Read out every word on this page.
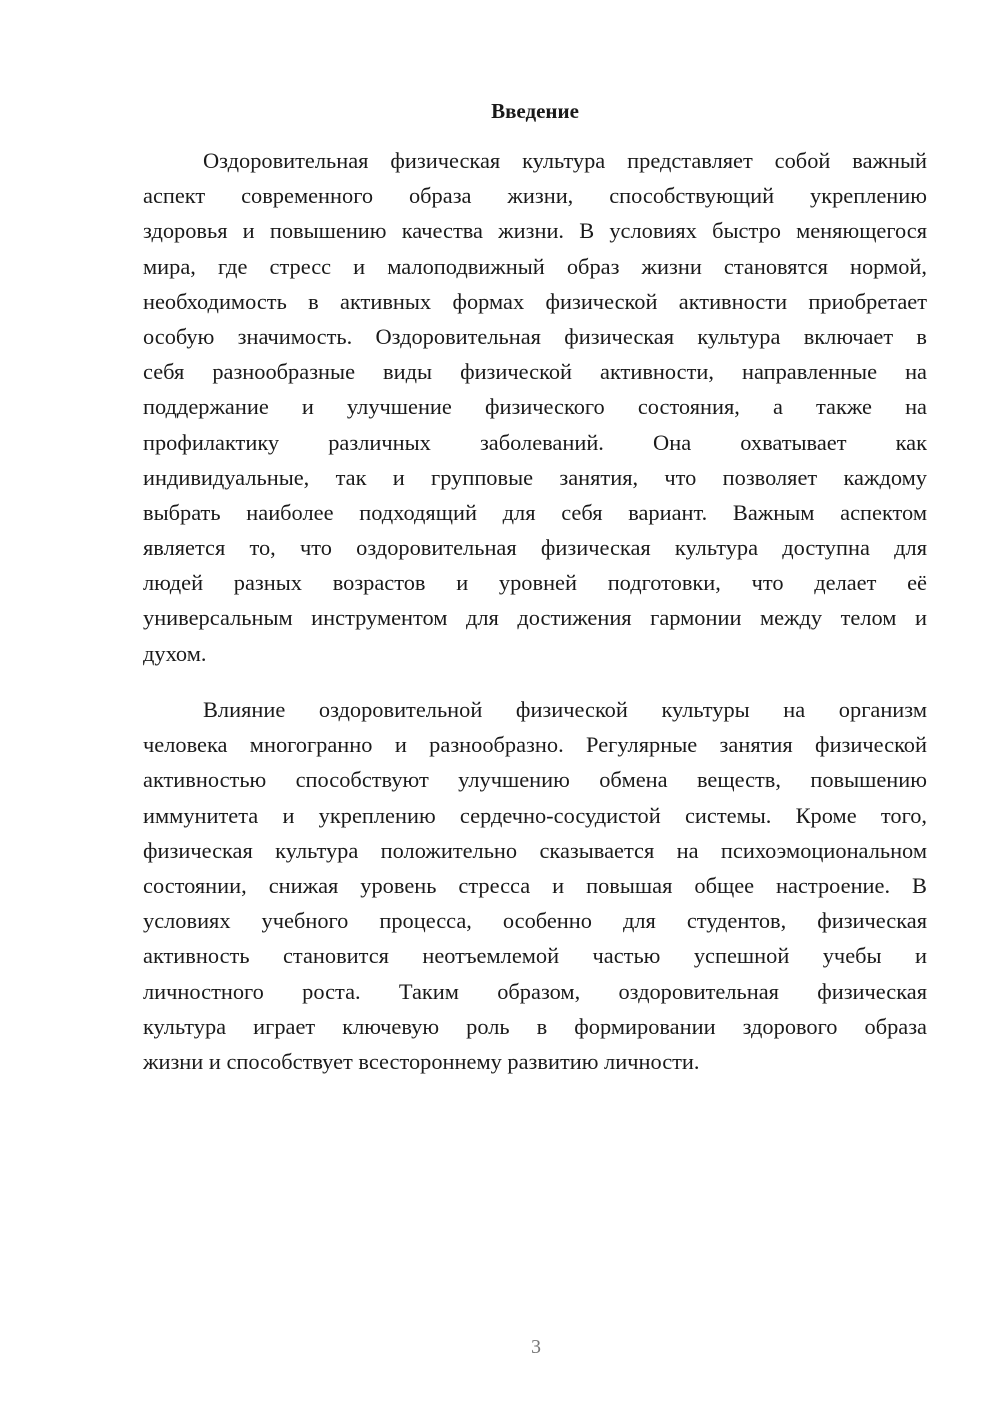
Введение
Оздоровительная физическая культура представляет собой важный
аспект современного образа жизни, способствующий укреплению
здоровья и повышению качества жизни. В условиях быстро меняющегося
мира, где стресс и малоподвижный образ жизни становятся нормой,
необходимость в активных формах физической активности приобретает
особую значимость. Оздоровительная физическая культура включает в
себя разнообразные виды физической активности, направленные на
поддержание и улучшение физического состояния, а также на
профилактику различных заболеваний. Она охватывает как
индивидуальные, так и групповые занятия, что позволяет каждому
выбрать наиболее подходящий для себя вариант. Важным аспектом
является то, что оздоровительная физическая культура доступна для
людей разных возрастов и уровней подготовки, что делает её
универсальным инструментом для достижения гармонии между телом и
духом.
Влияние оздоровительной физической культуры на организм
человека многогранно и разнообразно. Регулярные занятия физической
активностью способствуют улучшению обмена веществ, повышению
иммунитета и укреплению сердечно-сосудистой системы. Кроме того,
физическая культура положительно сказывается на психоэмоциональном
состоянии, снижая уровень стресса и повышая общее настроение. В
условиях учебного процесса, особенно для студентов, физическая
активность становится неотъемлемой частью успешной учебы и
личностного роста. Таким образом, оздоровительная физическая
культура играет ключевую роль в формировании здорового образа
жизни и способствует всестороннему развитию личности.
3
